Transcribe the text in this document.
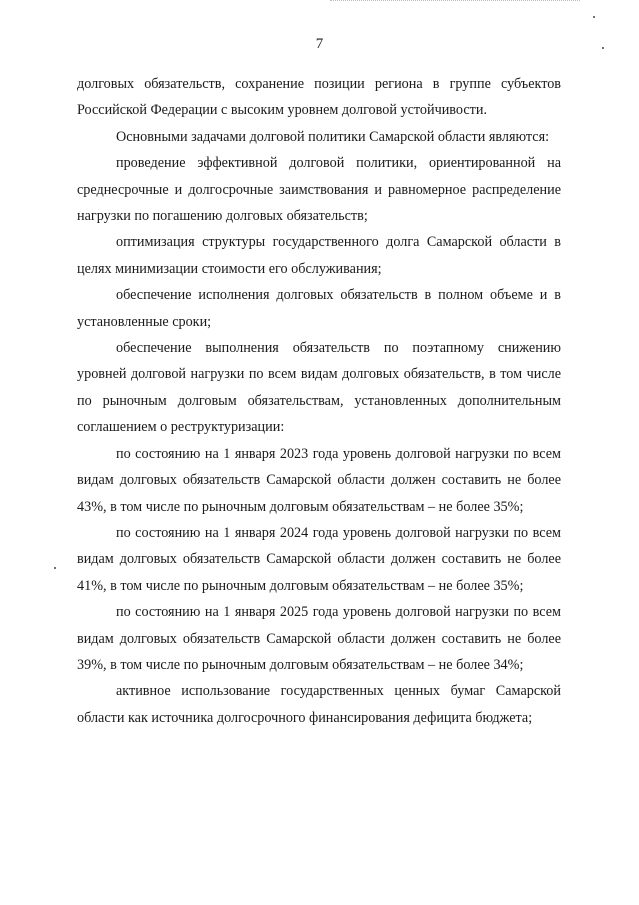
7

долговых обязательств, сохранение позиции региона в группе субъектов Российской Федерации с высоким уровнем долговой устойчивости.

Основными задачами долговой политики Самарской области являются:

проведение эффективной долговой политики, ориентированной на среднесрочные и долгосрочные заимствования и равномерное распределение нагрузки по погашению долговых обязательств;

оптимизация структуры государственного долга Самарской области в целях минимизации стоимости его обслуживания;

обеспечение исполнения долговых обязательств в полном объеме и в установленные сроки;

обеспечение выполнения обязательств по поэтапному снижению уровней долговой нагрузки по всем видам долговых обязательств, в том числе по рыночным долговым обязательствам, установленных дополнительным соглашением о реструктуризации:

по состоянию на 1 января 2023 года уровень долговой нагрузки по всем видам долговых обязательств Самарской области должен составить не более 43%, в том числе по рыночным долговым обязательствам – не более 35%;

по состоянию на 1 января 2024 года уровень долговой нагрузки по всем видам долговых обязательств Самарской области должен составить не более 41%, в том числе по рыночным долговым обязательствам – не более 35%;

по состоянию на 1 января 2025 года уровень долговой нагрузки по всем видам долговых обязательств Самарской области должен составить не более 39%, в том числе по рыночным долговым обязательствам – не более 34%;

активное использование государственных ценных бумаг Самарской области как источника долгосрочного финансирования дефицита бюджета;
